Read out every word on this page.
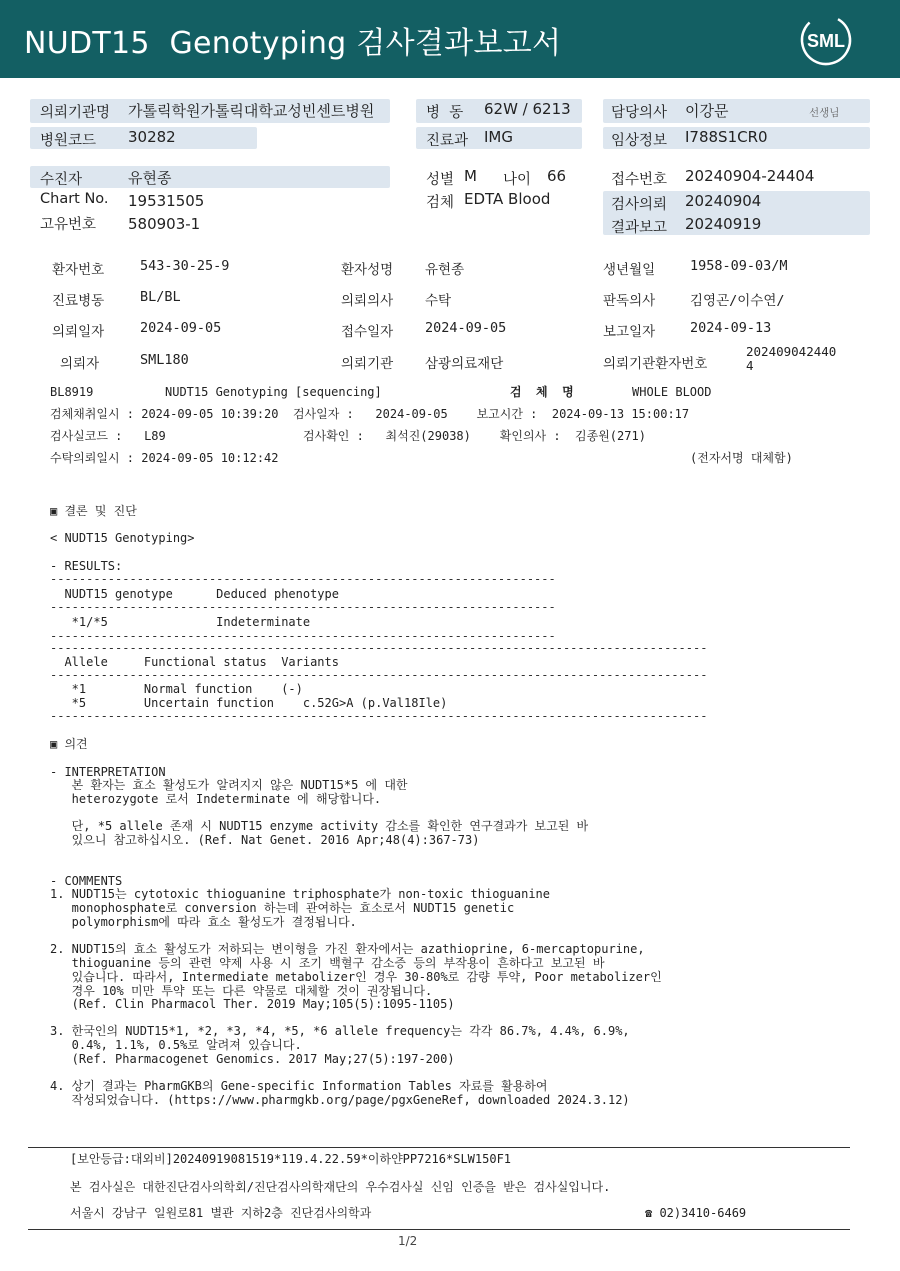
NUDT15  Genotyping 검사결과보고서	SML
의뢰기관명 가톨릭학원가톨릭대학교성빈센트병원
병원코드 30282
병  동 62W / 6213
진료과 IMG
담당의사 이강문	선생님
임상정보 I788S1CR0
수진자	유현종
Chart No. 19531505
고유번호 580903-1
성별 M 나이 66
검체 EDTA Blood
접수번호 20240904-24404
검사의뢰 20240904
결과보고 20240919
환자번호	543-30-25-9	환자성명 유현종	생년월일	1958-09-03/M
진료병동	BL/BL	의뢰의사 수탁	판독의사	김영곤/이수연/
의뢰일자	2024-09-05	접수일자 2024-09-05	보고일자	2024-09-13
의뢰자	SML180	의뢰기관 삼광의료재단	의뢰기관환자번호
2024090424404
BL8919	NUDT15 Genotyping [sequencing]	검  체  명	WHOLE BLOOD
검체채취일시 : 2024-09-05 10:39:20  검사일자 :   2024-09-05    보고시간 :  2024-09-13 15:00:17
검사실코드 :   L89                   검사확인 :   최석진(29038)    확인의사 :  김종원(271)
수탁의뢰일시 : 2024-09-05 10:12:42	(전자서명 대체함)
▣ 결론 및 진단
< NUDT15 Genotyping>
- RESULTS:
----------------------------------------------------------------------
NUDT15 genotype      Deduced phenotype
----------------------------------------------------------------------
*1/*5               Indeterminate
----------------------------------------------------------------------
-------------------------------------------------------------------------------------------
Allele     Functional status  Variants
-------------------------------------------------------------------------------------------
*1        Normal function    (-)
*5        Uncertain function    c.52G>A (p.Val18Ile)
-------------------------------------------------------------------------------------------
▣ 의견
- INTERPRETATION
본 환자는 효소 활성도가 알려지지 않은 NUDT15*5 에 대한
heterozygote 로서 Indeterminate 에 해당합니다.
단, *5 allele 존재 시 NUDT15 enzyme activity 감소를 확인한 연구결과가 보고된 바
있으니 참고하십시오. (Ref. Nat Genet. 2016 Apr;48(4):367-73)
- COMMENTS
1. NUDT15는 cytotoxic thioguanine triphosphate가 non-toxic thioguanine
monophosphate로 conversion 하는데 관여하는 효소로서 NUDT15 genetic
polymorphism에 따라 효소 활성도가 결정됩니다.
2. NUDT15의 효소 활성도가 저하되는 변이형을 가진 환자에서는 azathioprine, 6-mercaptopurine,
thioguanine 등의 관련 약제 사용 시 조기 백혈구 감소증 등의 부작용이 흔하다고 보고된 바
있습니다. 따라서, Intermediate metabolizer인 경우 30-80%로 감량 투약, Poor metabolizer인
경우 10% 미만 투약 또는 다른 약물로 대체할 것이 권장됩니다.
(Ref. Clin Pharmacol Ther. 2019 May;105(5):1095-1105)
3. 한국인의 NUDT15*1, *2, *3, *4, *5, *6 allele frequency는 각각 86.7%, 4.4%, 6.9%,
0.4%, 1.1%, 0.5%로 알려져 있습니다.
(Ref. Pharmacogenet Genomics. 2017 May;27(5):197-200)
4. 상기 결과는 PharmGKB의 Gene-specific Information Tables 자료를 활용하여
작성되었습니다. (https://www.pharmgkb.org/page/pgxGeneRef, downloaded 2024.3.12)
[보안등급:대외비]20240919081519*119.4.22.59*이하얀PP7216*SLW150F1
본 검사실은 대한진단검사의학회/진단검사의학재단의 우수검사실 신임 인증을 받은 검사실입니다.
서울시 강남구 일원로81 별관 지하2층 진단검사의학과	☎ 02)3410-6469
1/2
